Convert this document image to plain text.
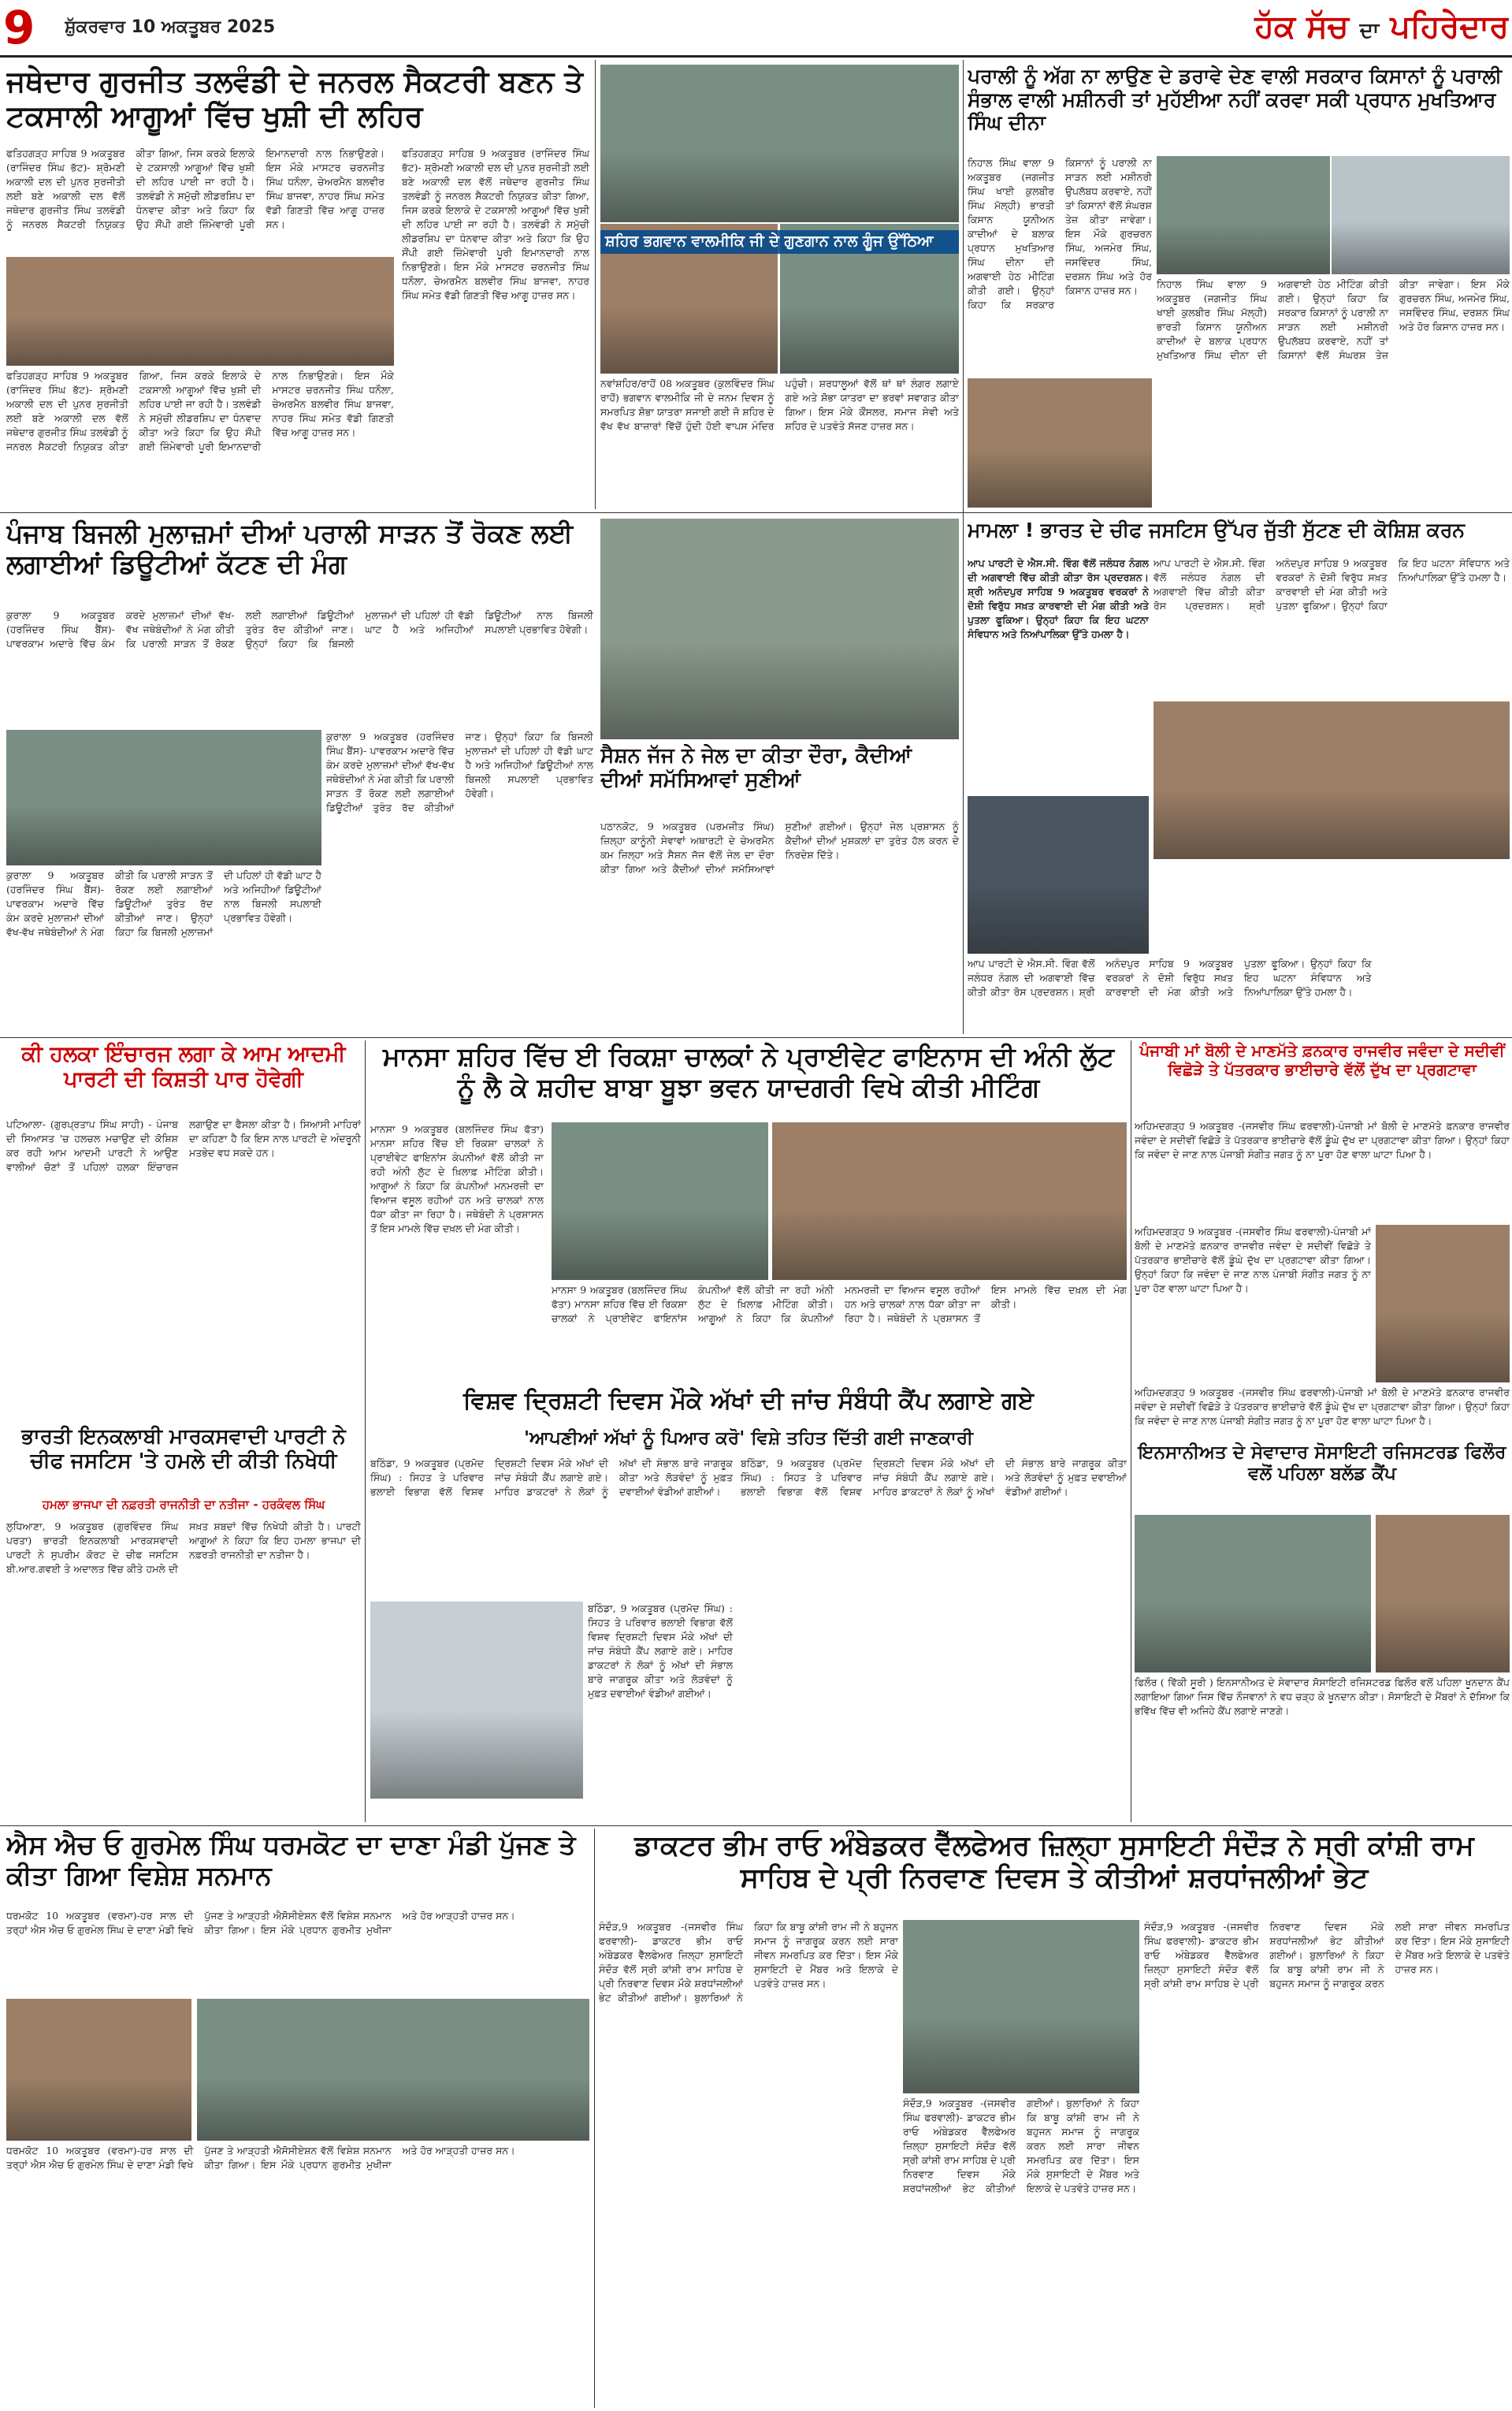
9	ਸ਼ੁੱਕਰਵਾਰ 10 ਅਕਤੂਬਰ 2025	ਹੱਕ ਸੱਚ ਦਾ ਪਹਿਰੇਦਾਰ
ਜਥੇਦਾਰ ਗੁਰਜੀਤ ਤਲਵੰਡੀ ਦੇ ਜਨਰਲ ਸੈਕਟਰੀ ਬਣਨ ਤੇ ਟਕਸਾਲੀ ਆਗੂਆਂ ਵਿੱਚ ਖੁਸ਼ੀ ਦੀ ਲਹਿਰ
ਫਤਿਹਗੜ੍ਹ ਸਾਹਿਬ 9 ਅਕਤੂਬਰ (ਰਾਜਿੰਦਰ ਸਿੰਘ ਭੱਟ)- ਸ਼੍ਰੋਮਣੀ ਅਕਾਲੀ ਦਲ ਦੀ ਪੁਨਰ ਸੁਰਜੀਤੀ ਲਈ ਬਣੇ ਅਕਾਲੀ ਦਲ ਵੱਲੋਂ ਜਥੇਦਾਰ ਗੁਰਜੀਤ ਸਿੰਘ ਤਲਵੰਡੀ ਨੂੰ ਜਨਰਲ ਸੈਕਟਰੀ ਨਿਯੁਕਤ ਕੀਤਾ ਗਿਆ, ਜਿਸ ਕਰਕੇ ਇਲਾਕੇ ਦੇ ਟਕਸਾਲੀ ਆਗੂਆਂ ਵਿੱਚ ਖੁਸ਼ੀ ਦੀ ਲਹਿਰ ਪਾਈ ਜਾ ਰਹੀ ਹੈ। ਤਲਵੰਡੀ ਨੇ ਸਮੁੱਚੀ ਲੀਡਰਸ਼ਿਪ ਦਾ ਧੰਨਵਾਦ ਕੀਤਾ ਅਤੇ ਕਿਹਾ ਕਿ ਉਹ ਸੌਂਪੀ ਗਈ ਜ਼ਿੰਮੇਵਾਰੀ ਪੂਰੀ ਇਮਾਨਦਾਰੀ ਨਾਲ ਨਿਭਾਉਣਗੇ। ਇਸ ਮੌਕੇ ਮਾਸਟਰ ਚਰਨਜੀਤ ਸਿੰਘ ਧਨੌਲਾ, ਚੇਅਰਮੈਨ ਬਲਵੀਰ ਸਿੰਘ ਬਾਜਵਾ, ਨਾਹਰ ਸਿੰਘ ਸਮੇਤ ਵੱਡੀ ਗਿਣਤੀ ਵਿੱਚ ਆਗੂ ਹਾਜ਼ਰ ਸਨ।
ਫਤਿਹਗੜ੍ਹ ਸਾਹਿਬ 9 ਅਕਤੂਬਰ (ਰਾਜਿੰਦਰ ਸਿੰਘ ਭੱਟ)- ਸ਼੍ਰੋਮਣੀ ਅਕਾਲੀ ਦਲ ਦੀ ਪੁਨਰ ਸੁਰਜੀਤੀ ਲਈ ਬਣੇ ਅਕਾਲੀ ਦਲ ਵੱਲੋਂ ਜਥੇਦਾਰ ਗੁਰਜੀਤ ਸਿੰਘ ਤਲਵੰਡੀ ਨੂੰ ਜਨਰਲ ਸੈਕਟਰੀ ਨਿਯੁਕਤ ਕੀਤਾ ਗਿਆ, ਜਿਸ ਕਰਕੇ ਇਲਾਕੇ ਦੇ ਟਕਸਾਲੀ ਆਗੂਆਂ ਵਿੱਚ ਖੁਸ਼ੀ ਦੀ ਲਹਿਰ ਪਾਈ ਜਾ ਰਹੀ ਹੈ। ਤਲਵੰਡੀ ਨੇ ਸਮੁੱਚੀ ਲੀਡਰਸ਼ਿਪ ਦਾ ਧੰਨਵਾਦ ਕੀਤਾ ਅਤੇ ਕਿਹਾ ਕਿ ਉਹ ਸੌਂਪੀ ਗਈ ਜ਼ਿੰਮੇਵਾਰੀ ਪੂਰੀ ਇਮਾਨਦਾਰੀ ਨਾਲ ਨਿਭਾਉਣਗੇ। ਇਸ ਮੌਕੇ ਮਾਸਟਰ ਚਰਨਜੀਤ ਸਿੰਘ ਧਨੌਲਾ, ਚੇਅਰਮੈਨ ਬਲਵੀਰ ਸਿੰਘ ਬਾਜਵਾ, ਨਾਹਰ ਸਿੰਘ ਸਮੇਤ ਵੱਡੀ ਗਿਣਤੀ ਵਿੱਚ ਆਗੂ ਹਾਜ਼ਰ ਸਨ।
ਫਤਿਹਗੜ੍ਹ ਸਾਹਿਬ 9 ਅਕਤੂਬਰ (ਰਾਜਿੰਦਰ ਸਿੰਘ ਭੱਟ)- ਸ਼੍ਰੋਮਣੀ ਅਕਾਲੀ ਦਲ ਦੀ ਪੁਨਰ ਸੁਰਜੀਤੀ ਲਈ ਬਣੇ ਅਕਾਲੀ ਦਲ ਵੱਲੋਂ ਜਥੇਦਾਰ ਗੁਰਜੀਤ ਸਿੰਘ ਤਲਵੰਡੀ ਨੂੰ ਜਨਰਲ ਸੈਕਟਰੀ ਨਿਯੁਕਤ ਕੀਤਾ ਗਿਆ, ਜਿਸ ਕਰਕੇ ਇਲਾਕੇ ਦੇ ਟਕਸਾਲੀ ਆਗੂਆਂ ਵਿੱਚ ਖੁਸ਼ੀ ਦੀ ਲਹਿਰ ਪਾਈ ਜਾ ਰਹੀ ਹੈ। ਤਲਵੰਡੀ ਨੇ ਸਮੁੱਚੀ ਲੀਡਰਸ਼ਿਪ ਦਾ ਧੰਨਵਾਦ ਕੀਤਾ ਅਤੇ ਕਿਹਾ ਕਿ ਉਹ ਸੌਂਪੀ ਗਈ ਜ਼ਿੰਮੇਵਾਰੀ ਪੂਰੀ ਇਮਾਨਦਾਰੀ ਨਾਲ ਨਿਭਾਉਣਗੇ। ਇਸ ਮੌਕੇ ਮਾਸਟਰ ਚਰਨਜੀਤ ਸਿੰਘ ਧਨੌਲਾ, ਚੇਅਰਮੈਨ ਬਲਵੀਰ ਸਿੰਘ ਬਾਜਵਾ, ਨਾਹਰ ਸਿੰਘ ਸਮੇਤ ਵੱਡੀ ਗਿਣਤੀ ਵਿੱਚ ਆਗੂ ਹਾਜ਼ਰ ਸਨ।
ਸ਼ਹਿਰ ਭਗਵਾਨ ਵਾਲਮੀਕਿ ਜੀ ਦੇ ਗੁਣਗਾਨ ਨਾਲ ਗੂੰਜ ਉੱਠਿਆ
ਨਵਾਂਸ਼ਹਿਰ/ਰਾਹੋਂ 08 ਅਕਤੂਬਰ (ਕੁਲਵਿੰਦਰ ਸਿੰਘ ਰਾਹੋਂ) ਭਗਵਾਨ ਵਾਲਮੀਕਿ ਜੀ ਦੇ ਜਨਮ ਦਿਵਸ ਨੂੰ ਸਮਰਪਿਤ ਸ਼ੋਭਾ ਯਾਤਰਾ ਸਜਾਈ ਗਈ ਜੋ ਸ਼ਹਿਰ ਦੇ ਵੱਖ ਵੱਖ ਬਾਜ਼ਾਰਾਂ ਵਿੱਚੋਂ ਹੁੰਦੀ ਹੋਈ ਵਾਪਸ ਮੰਦਿਰ ਪਹੁੰਚੀ। ਸ਼ਰਧਾਲੂਆਂ ਵੱਲੋਂ ਥਾਂ ਥਾਂ ਲੰਗਰ ਲਗਾਏ ਗਏ ਅਤੇ ਸ਼ੋਭਾ ਯਾਤਰਾ ਦਾ ਭਰਵਾਂ ਸਵਾਗਤ ਕੀਤਾ ਗਿਆ। ਇਸ ਮੌਕੇ ਕੌਂਸਲਰ, ਸਮਾਜ ਸੇਵੀ ਅਤੇ ਸ਼ਹਿਰ ਦੇ ਪਤਵੰਤੇ ਸੱਜਣ ਹਾਜ਼ਰ ਸਨ।
ਪਰਾਲੀ ਨੂੰ ਅੱਗ ਨਾ ਲਾਉਣ ਦੇ ਡਰਾਵੇ ਦੇਣ ਵਾਲੀ ਸਰਕਾਰ ਕਿਸਾਨਾਂ ਨੂੰ ਪਰਾਲੀ ਸੰਭਾਲ ਵਾਲੀ ਮਸ਼ੀਨਰੀ ਤਾਂ ਮੁਹੱਈਆ ਨਹੀਂ ਕਰਵਾ ਸਕੀ ਪ੍ਰਧਾਨ ਮੁਖਤਿਆਰ ਸਿੰਘ ਦੀਨਾ
ਨਿਹਾਲ ਸਿੰਘ ਵਾਲਾ 9 ਅਕਤੂਬਰ (ਜਗਜੀਤ ਸਿੰਘ ਖਾਈ ਕੁਲਬੀਰ ਸਿੰਘ ਮੱਲ੍ਹੀ) ਭਾਰਤੀ ਕਿਸਾਨ ਯੂਨੀਅਨ ਕਾਦੀਆਂ ਦੇ ਬਲਾਕ ਪ੍ਰਧਾਨ ਮੁਖਤਿਆਰ ਸਿੰਘ ਦੀਨਾ ਦੀ ਅਗਵਾਈ ਹੇਠ ਮੀਟਿੰਗ ਕੀਤੀ ਗਈ। ਉਨ੍ਹਾਂ ਕਿਹਾ ਕਿ ਸਰਕਾਰ ਕਿਸਾਨਾਂ ਨੂੰ ਪਰਾਲੀ ਨਾ ਸਾੜਨ ਲਈ ਮਸ਼ੀਨਰੀ ਉਪਲੱਬਧ ਕਰਵਾਏ, ਨਹੀਂ ਤਾਂ ਕਿਸਾਨਾਂ ਵੱਲੋਂ ਸੰਘਰਸ਼ ਤੇਜ਼ ਕੀਤਾ ਜਾਵੇਗਾ। ਇਸ ਮੌਕੇ ਗੁਰਚਰਨ ਸਿੰਘ, ਅਜਮੇਰ ਸਿੰਘ, ਜਸਵਿੰਦਰ ਸਿੰਘ, ਦਰਸ਼ਨ ਸਿੰਘ ਅਤੇ ਹੋਰ ਕਿਸਾਨ ਹਾਜ਼ਰ ਸਨ।
ਨਿਹਾਲ ਸਿੰਘ ਵਾਲਾ 9 ਅਕਤੂਬਰ (ਜਗਜੀਤ ਸਿੰਘ ਖਾਈ ਕੁਲਬੀਰ ਸਿੰਘ ਮੱਲ੍ਹੀ) ਭਾਰਤੀ ਕਿਸਾਨ ਯੂਨੀਅਨ ਕਾਦੀਆਂ ਦੇ ਬਲਾਕ ਪ੍ਰਧਾਨ ਮੁਖਤਿਆਰ ਸਿੰਘ ਦੀਨਾ ਦੀ ਅਗਵਾਈ ਹੇਠ ਮੀਟਿੰਗ ਕੀਤੀ ਗਈ। ਉਨ੍ਹਾਂ ਕਿਹਾ ਕਿ ਸਰਕਾਰ ਕਿਸਾਨਾਂ ਨੂੰ ਪਰਾਲੀ ਨਾ ਸਾੜਨ ਲਈ ਮਸ਼ੀਨਰੀ ਉਪਲੱਬਧ ਕਰਵਾਏ, ਨਹੀਂ ਤਾਂ ਕਿਸਾਨਾਂ ਵੱਲੋਂ ਸੰਘਰਸ਼ ਤੇਜ਼ ਕੀਤਾ ਜਾਵੇਗਾ। ਇਸ ਮੌਕੇ ਗੁਰਚਰਨ ਸਿੰਘ, ਅਜਮੇਰ ਸਿੰਘ, ਜਸਵਿੰਦਰ ਸਿੰਘ, ਦਰਸ਼ਨ ਸਿੰਘ ਅਤੇ ਹੋਰ ਕਿਸਾਨ ਹਾਜ਼ਰ ਸਨ।
ਪੰਜਾਬ ਬਿਜਲੀ ਮੁਲਾਜ਼ਮਾਂ ਦੀਆਂ ਪਰਾਲੀ ਸਾੜਨ ਤੋਂ ਰੋਕਣ ਲਈ ਲਗਾਈਆਂ ਡਿਊਟੀਆਂ ਕੱਟਣ ਦੀ ਮੰਗ
ਕੁਰਾਲਾ 9 ਅਕਤੂਬਰ (ਹਰਜਿੰਦਰ ਸਿੰਘ ਬੈਂਸ)- ਪਾਵਰਕਾਮ ਅਦਾਰੇ ਵਿੱਚ ਕੰਮ ਕਰਦੇ ਮੁਲਾਜ਼ਮਾਂ ਦੀਆਂ ਵੱਖ-ਵੱਖ ਜਥੇਬੰਦੀਆਂ ਨੇ ਮੰਗ ਕੀਤੀ ਕਿ ਪਰਾਲੀ ਸਾੜਨ ਤੋਂ ਰੋਕਣ ਲਈ ਲਗਾਈਆਂ ਡਿਊਟੀਆਂ ਤੁਰੰਤ ਰੱਦ ਕੀਤੀਆਂ ਜਾਣ। ਉਨ੍ਹਾਂ ਕਿਹਾ ਕਿ ਬਿਜਲੀ ਮੁਲਾਜ਼ਮਾਂ ਦੀ ਪਹਿਲਾਂ ਹੀ ਵੱਡੀ ਘਾਟ ਹੈ ਅਤੇ ਅਜਿਹੀਆਂ ਡਿਊਟੀਆਂ ਨਾਲ ਬਿਜਲੀ ਸਪਲਾਈ ਪ੍ਰਭਾਵਿਤ ਹੋਵੇਗੀ।
ਕੁਰਾਲਾ 9 ਅਕਤੂਬਰ (ਹਰਜਿੰਦਰ ਸਿੰਘ ਬੈਂਸ)- ਪਾਵਰਕਾਮ ਅਦਾਰੇ ਵਿੱਚ ਕੰਮ ਕਰਦੇ ਮੁਲਾਜ਼ਮਾਂ ਦੀਆਂ ਵੱਖ-ਵੱਖ ਜਥੇਬੰਦੀਆਂ ਨੇ ਮੰਗ ਕੀਤੀ ਕਿ ਪਰਾਲੀ ਸਾੜਨ ਤੋਂ ਰੋਕਣ ਲਈ ਲਗਾਈਆਂ ਡਿਊਟੀਆਂ ਤੁਰੰਤ ਰੱਦ ਕੀਤੀਆਂ ਜਾਣ। ਉਨ੍ਹਾਂ ਕਿਹਾ ਕਿ ਬਿਜਲੀ ਮੁਲਾਜ਼ਮਾਂ ਦੀ ਪਹਿਲਾਂ ਹੀ ਵੱਡੀ ਘਾਟ ਹੈ ਅਤੇ ਅਜਿਹੀਆਂ ਡਿਊਟੀਆਂ ਨਾਲ ਬਿਜਲੀ ਸਪਲਾਈ ਪ੍ਰਭਾਵਿਤ ਹੋਵੇਗੀ।
ਕੁਰਾਲਾ 9 ਅਕਤੂਬਰ (ਹਰਜਿੰਦਰ ਸਿੰਘ ਬੈਂਸ)- ਪਾਵਰਕਾਮ ਅਦਾਰੇ ਵਿੱਚ ਕੰਮ ਕਰਦੇ ਮੁਲਾਜ਼ਮਾਂ ਦੀਆਂ ਵੱਖ-ਵੱਖ ਜਥੇਬੰਦੀਆਂ ਨੇ ਮੰਗ ਕੀਤੀ ਕਿ ਪਰਾਲੀ ਸਾੜਨ ਤੋਂ ਰੋਕਣ ਲਈ ਲਗਾਈਆਂ ਡਿਊਟੀਆਂ ਤੁਰੰਤ ਰੱਦ ਕੀਤੀਆਂ ਜਾਣ। ਉਨ੍ਹਾਂ ਕਿਹਾ ਕਿ ਬਿਜਲੀ ਮੁਲਾਜ਼ਮਾਂ ਦੀ ਪਹਿਲਾਂ ਹੀ ਵੱਡੀ ਘਾਟ ਹੈ ਅਤੇ ਅਜਿਹੀਆਂ ਡਿਊਟੀਆਂ ਨਾਲ ਬਿਜਲੀ ਸਪਲਾਈ ਪ੍ਰਭਾਵਿਤ ਹੋਵੇਗੀ।
ਸੈਸ਼ਨ ਜੱਜ ਨੇ ਜੇਲ ਦਾ ਕੀਤਾ ਦੌਰਾ, ਕੈਦੀਆਂ ਦੀਆਂ ਸਮੱਸਿਆਵਾਂ ਸੁਣੀਆਂ
ਪਠਾਨਕੋਟ, 9 ਅਕਤੂਬਰ (ਪਰਮਜੀਤ ਸਿੰਘ) ਜ਼ਿਲ੍ਹਾ ਕਾਨੂੰਨੀ ਸੇਵਾਵਾਂ ਅਥਾਰਟੀ ਦੇ ਚੇਅਰਮੈਨ ਕਮ ਜ਼ਿਲ੍ਹਾ ਅਤੇ ਸੈਸ਼ਨ ਜੱਜ ਵੱਲੋਂ ਜੇਲ ਦਾ ਦੌਰਾ ਕੀਤਾ ਗਿਆ ਅਤੇ ਕੈਦੀਆਂ ਦੀਆਂ ਸਮੱਸਿਆਵਾਂ ਸੁਣੀਆਂ ਗਈਆਂ। ਉਨ੍ਹਾਂ ਜੇਲ ਪ੍ਰਸ਼ਾਸਨ ਨੂੰ ਕੈਦੀਆਂ ਦੀਆਂ ਮੁਸ਼ਕਲਾਂ ਦਾ ਤੁਰੰਤ ਹੱਲ ਕਰਨ ਦੇ ਨਿਰਦੇਸ਼ ਦਿੱਤੇ।
ਮਾਮਲਾ ! ਭਾਰਤ ਦੇ ਚੀਫ ਜਸਟਿਸ ਉੱਪਰ ਜੁੱਤੀ ਸੁੱਟਣ ਦੀ ਕੋਸ਼ਿਸ਼ ਕਰਨ
ਆਪ ਪਾਰਟੀ ਦੇ ਐਸ.ਸੀ. ਵਿੰਗ ਵੱਲੋਂ ਜਲੰਧਰ ਨੰਗਲ ਦੀ ਅਗਵਾਈ ਵਿੱਚ ਕੀਤੀ ਕੀਤਾ ਰੋਸ ਪ੍ਰਦਰਸ਼ਨ। ਸ਼੍ਰੀ ਅਨੰਦਪੁਰ ਸਾਹਿਬ 9 ਅਕਤੂਬਰ ਵਰਕਰਾਂ ਨੇ ਦੋਸ਼ੀ ਵਿਰੁੱਧ ਸਖ਼ਤ ਕਾਰਵਾਈ ਦੀ ਮੰਗ ਕੀਤੀ ਅਤੇ ਪੁਤਲਾ ਫੂਕਿਆ। ਉਨ੍ਹਾਂ ਕਿਹਾ ਕਿ ਇਹ ਘਟਨਾ ਸੰਵਿਧਾਨ ਅਤੇ ਨਿਆਂਪਾਲਿਕਾ ਉੱਤੇ ਹਮਲਾ ਹੈ।
ਆਪ ਪਾਰਟੀ ਦੇ ਐਸ.ਸੀ. ਵਿੰਗ ਵੱਲੋਂ ਜਲੰਧਰ ਨੰਗਲ ਦੀ ਅਗਵਾਈ ਵਿੱਚ ਕੀਤੀ ਕੀਤਾ ਰੋਸ ਪ੍ਰਦਰਸ਼ਨ। ਸ਼੍ਰੀ ਅਨੰਦਪੁਰ ਸਾਹਿਬ 9 ਅਕਤੂਬਰ ਵਰਕਰਾਂ ਨੇ ਦੋਸ਼ੀ ਵਿਰੁੱਧ ਸਖ਼ਤ ਕਾਰਵਾਈ ਦੀ ਮੰਗ ਕੀਤੀ ਅਤੇ ਪੁਤਲਾ ਫੂਕਿਆ। ਉਨ੍ਹਾਂ ਕਿਹਾ ਕਿ ਇਹ ਘਟਨਾ ਸੰਵਿਧਾਨ ਅਤੇ ਨਿਆਂਪਾਲਿਕਾ ਉੱਤੇ ਹਮਲਾ ਹੈ।
ਆਪ ਪਾਰਟੀ ਦੇ ਐਸ.ਸੀ. ਵਿੰਗ ਵੱਲੋਂ ਜਲੰਧਰ ਨੰਗਲ ਦੀ ਅਗਵਾਈ ਵਿੱਚ ਕੀਤੀ ਕੀਤਾ ਰੋਸ ਪ੍ਰਦਰਸ਼ਨ। ਸ਼੍ਰੀ ਅਨੰਦਪੁਰ ਸਾਹਿਬ 9 ਅਕਤੂਬਰ ਵਰਕਰਾਂ ਨੇ ਦੋਸ਼ੀ ਵਿਰੁੱਧ ਸਖ਼ਤ ਕਾਰਵਾਈ ਦੀ ਮੰਗ ਕੀਤੀ ਅਤੇ ਪੁਤਲਾ ਫੂਕਿਆ। ਉਨ੍ਹਾਂ ਕਿਹਾ ਕਿ ਇਹ ਘਟਨਾ ਸੰਵਿਧਾਨ ਅਤੇ ਨਿਆਂਪਾਲਿਕਾ ਉੱਤੇ ਹਮਲਾ ਹੈ।
ਕੀ ਹਲਕਾ ਇੰਚਾਰਜ ਲਗਾ ਕੇ ਆਮ ਆਦਮੀ ਪਾਰਟੀ ਦੀ ਕਿਸ਼ਤੀ ਪਾਰ ਹੋਵੇਗੀ
ਪਟਿਆਲਾ- (ਗੁਰਪ੍ਰਤਾਪ ਸਿੰਘ ਸਾਹੀ) - ਪੰਜਾਬ ਦੀ ਸਿਆਸਤ 'ਚ ਹਲਚਲ ਮਚਾਉਣ ਦੀ ਕੋਸ਼ਿਸ਼ ਕਰ ਰਹੀ ਆਮ ਆਦਮੀ ਪਾਰਟੀ ਨੇ ਆਉਣ ਵਾਲੀਆਂ ਚੋਣਾਂ ਤੋਂ ਪਹਿਲਾਂ ਹਲਕਾ ਇੰਚਾਰਜ ਲਗਾਉਣ ਦਾ ਫੈਸਲਾ ਕੀਤਾ ਹੈ। ਸਿਆਸੀ ਮਾਹਿਰਾਂ ਦਾ ਕਹਿਣਾ ਹੈ ਕਿ ਇਸ ਨਾਲ ਪਾਰਟੀ ਦੇ ਅੰਦਰੂਨੀ ਮਤਭੇਦ ਵਧ ਸਕਦੇ ਹਨ।
ਭਾਰਤੀ ਇਨਕਲਾਬੀ ਮਾਰਕਸਵਾਦੀ ਪਾਰਟੀ ਨੇ ਚੀਫ ਜਸਟਿਸ 'ਤੇ ਹਮਲੇ ਦੀ ਕੀਤੀ ਨਿਖੇਧੀ
ਹਮਲਾ ਭਾਜਪਾ ਦੀ ਨਫ਼ਰਤੀ ਰਾਜਨੀਤੀ ਦਾ ਨਤੀਜਾ - ਹਰਕੰਵਲ ਸਿੰਘ
ਲੁਧਿਆਣਾ, 9 ਅਕਤੂਬਰ (ਗੁਰਵਿੰਦਰ ਸਿੰਘ ਪਰਤਾ) ਭਾਰਤੀ ਇਨਕਲਾਬੀ ਮਾਰਕਸਵਾਦੀ ਪਾਰਟੀ ਨੇ ਸੁਪਰੀਮ ਕੋਰਟ ਦੇ ਚੀਫ ਜਸਟਿਸ ਬੀ.ਆਰ.ਗਵਈ ਤੇ ਅਦਾਲਤ ਵਿੱਚ ਕੀਤੇ ਹਮਲੇ ਦੀ ਸਖ਼ਤ ਸ਼ਬਦਾਂ ਵਿੱਚ ਨਿਖੇਧੀ ਕੀਤੀ ਹੈ। ਪਾਰਟੀ ਆਗੂਆਂ ਨੇ ਕਿਹਾ ਕਿ ਇਹ ਹਮਲਾ ਭਾਜਪਾ ਦੀ ਨਫ਼ਰਤੀ ਰਾਜਨੀਤੀ ਦਾ ਨਤੀਜਾ ਹੈ।
ਮਾਨਸਾ ਸ਼ਹਿਰ ਵਿੱਚ ਈ ਰਿਕਸ਼ਾ ਚਾਲਕਾਂ ਨੇ ਪ੍ਰਾਈਵੇਟ ਫਾਇਨਾਸ ਦੀ ਅੰਨੀ ਲੁੱਟ ਨੂੰ ਲੈ ਕੇ ਸ਼ਹੀਦ ਬਾਬਾ ਬੂਝਾ ਭਵਨ ਯਾਦਗਰੀ ਵਿਖੇ ਕੀਤੀ ਮੀਟਿੰਗ
ਮਾਨਸਾ 9 ਅਕਤੂਬਰ (ਬਲਜਿੰਦਰ ਸਿੰਘ ਫੱਤਾ) ਮਾਨਸਾ ਸ਼ਹਿਰ ਵਿੱਚ ਈ ਰਿਕਸ਼ਾ ਚਾਲਕਾਂ ਨੇ ਪ੍ਰਾਈਵੇਟ ਫਾਇਨਾਂਸ ਕੰਪਨੀਆਂ ਵੱਲੋਂ ਕੀਤੀ ਜਾ ਰਹੀ ਅੰਨੀ ਲੁੱਟ ਦੇ ਖ਼ਿਲਾਫ਼ ਮੀਟਿੰਗ ਕੀਤੀ। ਆਗੂਆਂ ਨੇ ਕਿਹਾ ਕਿ ਕੰਪਨੀਆਂ ਮਨਮਰਜ਼ੀ ਦਾ ਵਿਆਜ ਵਸੂਲ ਰਹੀਆਂ ਹਨ ਅਤੇ ਚਾਲਕਾਂ ਨਾਲ ਧੱਕਾ ਕੀਤਾ ਜਾ ਰਿਹਾ ਹੈ। ਜਥੇਬੰਦੀ ਨੇ ਪ੍ਰਸ਼ਾਸਨ ਤੋਂ ਇਸ ਮਾਮਲੇ ਵਿੱਚ ਦਖ਼ਲ ਦੀ ਮੰਗ ਕੀਤੀ।
ਮਾਨਸਾ 9 ਅਕਤੂਬਰ (ਬਲਜਿੰਦਰ ਸਿੰਘ ਫੱਤਾ) ਮਾਨਸਾ ਸ਼ਹਿਰ ਵਿੱਚ ਈ ਰਿਕਸ਼ਾ ਚਾਲਕਾਂ ਨੇ ਪ੍ਰਾਈਵੇਟ ਫਾਇਨਾਂਸ ਕੰਪਨੀਆਂ ਵੱਲੋਂ ਕੀਤੀ ਜਾ ਰਹੀ ਅੰਨੀ ਲੁੱਟ ਦੇ ਖ਼ਿਲਾਫ਼ ਮੀਟਿੰਗ ਕੀਤੀ। ਆਗੂਆਂ ਨੇ ਕਿਹਾ ਕਿ ਕੰਪਨੀਆਂ ਮਨਮਰਜ਼ੀ ਦਾ ਵਿਆਜ ਵਸੂਲ ਰਹੀਆਂ ਹਨ ਅਤੇ ਚਾਲਕਾਂ ਨਾਲ ਧੱਕਾ ਕੀਤਾ ਜਾ ਰਿਹਾ ਹੈ। ਜਥੇਬੰਦੀ ਨੇ ਪ੍ਰਸ਼ਾਸਨ ਤੋਂ ਇਸ ਮਾਮਲੇ ਵਿੱਚ ਦਖ਼ਲ ਦੀ ਮੰਗ ਕੀਤੀ।
ਪੰਜਾਬੀ ਮਾਂ ਬੋਲੀ ਦੇ ਮਾਣਮੱਤੇ ਫ਼ਨਕਾਰ ਰਾਜਵੀਰ ਜਵੰਦਾ ਦੇ ਸਦੀਵੀਂ ਵਿਛੋੜੇ ਤੇ ਪੱਤਰਕਾਰ ਭਾਈਚਾਰੇ ਵੱਲੋਂ ਦੁੱਖ ਦਾ ਪ੍ਰਗਟਾਵਾ
ਅਹਿਮਦਗੜ੍ਹ 9 ਅਕਤੂਬਰ -(ਜਸਵੀਰ ਸਿੰਘ ਫਰਵਾਲੀ)-ਪੰਜਾਬੀ ਮਾਂ ਬੋਲੀ ਦੇ ਮਾਣਮੱਤੇ ਫ਼ਨਕਾਰ ਰਾਜਵੀਰ ਜਵੰਦਾ ਦੇ ਸਦੀਵੀਂ ਵਿਛੋੜੇ ਤੇ ਪੱਤਰਕਾਰ ਭਾਈਚਾਰੇ ਵੱਲੋਂ ਡੂੰਘੇ ਦੁੱਖ ਦਾ ਪ੍ਰਗਟਾਵਾ ਕੀਤਾ ਗਿਆ। ਉਨ੍ਹਾਂ ਕਿਹਾ ਕਿ ਜਵੰਦਾ ਦੇ ਜਾਣ ਨਾਲ ਪੰਜਾਬੀ ਸੰਗੀਤ ਜਗਤ ਨੂੰ ਨਾ ਪੂਰਾ ਹੋਣ ਵਾਲਾ ਘਾਟਾ ਪਿਆ ਹੈ।
ਅਹਿਮਦਗੜ੍ਹ 9 ਅਕਤੂਬਰ -(ਜਸਵੀਰ ਸਿੰਘ ਫਰਵਾਲੀ)-ਪੰਜਾਬੀ ਮਾਂ ਬੋਲੀ ਦੇ ਮਾਣਮੱਤੇ ਫ਼ਨਕਾਰ ਰਾਜਵੀਰ ਜਵੰਦਾ ਦੇ ਸਦੀਵੀਂ ਵਿਛੋੜੇ ਤੇ ਪੱਤਰਕਾਰ ਭਾਈਚਾਰੇ ਵੱਲੋਂ ਡੂੰਘੇ ਦੁੱਖ ਦਾ ਪ੍ਰਗਟਾਵਾ ਕੀਤਾ ਗਿਆ। ਉਨ੍ਹਾਂ ਕਿਹਾ ਕਿ ਜਵੰਦਾ ਦੇ ਜਾਣ ਨਾਲ ਪੰਜਾਬੀ ਸੰਗੀਤ ਜਗਤ ਨੂੰ ਨਾ ਪੂਰਾ ਹੋਣ ਵਾਲਾ ਘਾਟਾ ਪਿਆ ਹੈ।
ਅਹਿਮਦਗੜ੍ਹ 9 ਅਕਤੂਬਰ -(ਜਸਵੀਰ ਸਿੰਘ ਫਰਵਾਲੀ)-ਪੰਜਾਬੀ ਮਾਂ ਬੋਲੀ ਦੇ ਮਾਣਮੱਤੇ ਫ਼ਨਕਾਰ ਰਾਜਵੀਰ ਜਵੰਦਾ ਦੇ ਸਦੀਵੀਂ ਵਿਛੋੜੇ ਤੇ ਪੱਤਰਕਾਰ ਭਾਈਚਾਰੇ ਵੱਲੋਂ ਡੂੰਘੇ ਦੁੱਖ ਦਾ ਪ੍ਰਗਟਾਵਾ ਕੀਤਾ ਗਿਆ। ਉਨ੍ਹਾਂ ਕਿਹਾ ਕਿ ਜਵੰਦਾ ਦੇ ਜਾਣ ਨਾਲ ਪੰਜਾਬੀ ਸੰਗੀਤ ਜਗਤ ਨੂੰ ਨਾ ਪੂਰਾ ਹੋਣ ਵਾਲਾ ਘਾਟਾ ਪਿਆ ਹੈ।
ਵਿਸ਼ਵ ਦ੍ਰਿਸ਼ਟੀ ਦਿਵਸ ਮੌਕੇ ਅੱਖਾਂ ਦੀ ਜਾਂਚ ਸੰਬੰਧੀ ਕੈਂਪ ਲਗਾਏ ਗਏ
'ਆਪਣੀਆਂ ਅੱਖਾਂ ਨੂੰ ਪਿਆਰ ਕਰੋ' ਵਿਸ਼ੇ ਤਹਿਤ ਦਿੱਤੀ ਗਈ ਜਾਣਕਾਰੀ
ਬਠਿੰਡਾ, 9 ਅਕਤੂਬਰ (ਪ੍ਰਮੋਦ ਸਿੰਘ) : ਸਿਹਤ ਤੇ ਪਰਿਵਾਰ ਭਲਾਈ ਵਿਭਾਗ ਵੱਲੋਂ ਵਿਸ਼ਵ ਦ੍ਰਿਸ਼ਟੀ ਦਿਵਸ ਮੌਕੇ ਅੱਖਾਂ ਦੀ ਜਾਂਚ ਸੰਬੰਧੀ ਕੈਂਪ ਲਗਾਏ ਗਏ। ਮਾਹਿਰ ਡਾਕਟਰਾਂ ਨੇ ਲੋਕਾਂ ਨੂੰ ਅੱਖਾਂ ਦੀ ਸੰਭਾਲ ਬਾਰੇ ਜਾਗਰੂਕ ਕੀਤਾ ਅਤੇ ਲੋੜਵੰਦਾਂ ਨੂੰ ਮੁਫ਼ਤ ਦਵਾਈਆਂ ਵੰਡੀਆਂ ਗਈਆਂ।
ਬਠਿੰਡਾ, 9 ਅਕਤੂਬਰ (ਪ੍ਰਮੋਦ ਸਿੰਘ) : ਸਿਹਤ ਤੇ ਪਰਿਵਾਰ ਭਲਾਈ ਵਿਭਾਗ ਵੱਲੋਂ ਵਿਸ਼ਵ ਦ੍ਰਿਸ਼ਟੀ ਦਿਵਸ ਮੌਕੇ ਅੱਖਾਂ ਦੀ ਜਾਂਚ ਸੰਬੰਧੀ ਕੈਂਪ ਲਗਾਏ ਗਏ। ਮਾਹਿਰ ਡਾਕਟਰਾਂ ਨੇ ਲੋਕਾਂ ਨੂੰ ਅੱਖਾਂ ਦੀ ਸੰਭਾਲ ਬਾਰੇ ਜਾਗਰੂਕ ਕੀਤਾ ਅਤੇ ਲੋੜਵੰਦਾਂ ਨੂੰ ਮੁਫ਼ਤ ਦਵਾਈਆਂ ਵੰਡੀਆਂ ਗਈਆਂ।
ਬਠਿੰਡਾ, 9 ਅਕਤੂਬਰ (ਪ੍ਰਮੋਦ ਸਿੰਘ) : ਸਿਹਤ ਤੇ ਪਰਿਵਾਰ ਭਲਾਈ ਵਿਭਾਗ ਵੱਲੋਂ ਵਿਸ਼ਵ ਦ੍ਰਿਸ਼ਟੀ ਦਿਵਸ ਮੌਕੇ ਅੱਖਾਂ ਦੀ ਜਾਂਚ ਸੰਬੰਧੀ ਕੈਂਪ ਲਗਾਏ ਗਏ। ਮਾਹਿਰ ਡਾਕਟਰਾਂ ਨੇ ਲੋਕਾਂ ਨੂੰ ਅੱਖਾਂ ਦੀ ਸੰਭਾਲ ਬਾਰੇ ਜਾਗਰੂਕ ਕੀਤਾ ਅਤੇ ਲੋੜਵੰਦਾਂ ਨੂੰ ਮੁਫ਼ਤ ਦਵਾਈਆਂ ਵੰਡੀਆਂ ਗਈਆਂ।
ਇਨਸਾਨੀਅਤ ਦੇ ਸੇਵਾਦਾਰ ਸੋਸਾਇਟੀ ਰਜਿਸਟਰਡ ਫਿਲੌਰ ਵਲੋਂ ਪਹਿਲਾ ਬਲੱਡ ਕੈਂਪ
ਫਿਲੌਰ ( ਵਿੱਕੀ ਸੂਰੀ ) ਇਨਸਾਨੀਅਤ ਦੇ ਸੇਵਾਦਾਰ ਸੋਸਾਇਟੀ ਰਜਿਸਟਰਡ ਫਿਲੌਰ ਵਲੋਂ ਪਹਿਲਾ ਖੂਨਦਾਨ ਕੈਂਪ ਲਗਾਇਆ ਗਿਆ ਜਿਸ ਵਿੱਚ ਨੌਜਵਾਨਾਂ ਨੇ ਵਧ ਚੜ੍ਹ ਕੇ ਖੂਨਦਾਨ ਕੀਤਾ। ਸੋਸਾਇਟੀ ਦੇ ਮੈਂਬਰਾਂ ਨੇ ਦੱਸਿਆ ਕਿ ਭਵਿੱਖ ਵਿੱਚ ਵੀ ਅਜਿਹੇ ਕੈਂਪ ਲਗਾਏ ਜਾਣਗੇ।
ਐਸ ਐਚ ਓ ਗੁਰਮੇਲ ਸਿੰਘ ਧਰਮਕੋਟ ਦਾ ਦਾਣਾ ਮੰਡੀ ਪੁੱਜਣ ਤੇ ਕੀਤਾ ਗਿਆ ਵਿਸ਼ੇਸ਼ ਸਨਮਾਨ
ਧਰਮਕੋਟ 10 ਅਕਤੂਬਰ (ਵਰਮਾ)-ਹਰ ਸਾਲ ਦੀ ਤਰ੍ਹਾਂ ਐਸ ਐਚ ਓ ਗੁਰਮੇਲ ਸਿੰਘ ਦੇ ਦਾਣਾ ਮੰਡੀ ਵਿਖੇ ਪੁੱਜਣ ਤੇ ਆੜ੍ਹਤੀ ਐਸੋਸੀਏਸ਼ਨ ਵੱਲੋਂ ਵਿਸ਼ੇਸ਼ ਸਨਮਾਨ ਕੀਤਾ ਗਿਆ। ਇਸ ਮੌਕੇ ਪ੍ਰਧਾਨ ਗੁਰਮੀਤ ਮੁਖੀਜਾ ਅਤੇ ਹੋਰ ਆੜ੍ਹਤੀ ਹਾਜ਼ਰ ਸਨ।
ਧਰਮਕੋਟ 10 ਅਕਤੂਬਰ (ਵਰਮਾ)-ਹਰ ਸਾਲ ਦੀ ਤਰ੍ਹਾਂ ਐਸ ਐਚ ਓ ਗੁਰਮੇਲ ਸਿੰਘ ਦੇ ਦਾਣਾ ਮੰਡੀ ਵਿਖੇ ਪੁੱਜਣ ਤੇ ਆੜ੍ਹਤੀ ਐਸੋਸੀਏਸ਼ਨ ਵੱਲੋਂ ਵਿਸ਼ੇਸ਼ ਸਨਮਾਨ ਕੀਤਾ ਗਿਆ। ਇਸ ਮੌਕੇ ਪ੍ਰਧਾਨ ਗੁਰਮੀਤ ਮੁਖੀਜਾ ਅਤੇ ਹੋਰ ਆੜ੍ਹਤੀ ਹਾਜ਼ਰ ਸਨ।
ਡਾਕਟਰ ਭੀਮ ਰਾਓ ਅੰਬੇਡਕਰ ਵੈੱਲਫੇਅਰ ਜ਼ਿਲ੍ਹਾ ਸੁਸਾਇਟੀ ਸੰਦੌੜ ਨੇ ਸ੍ਰੀ ਕਾਂਸ਼ੀ ਰਾਮ ਸਾਹਿਬ ਦੇ ਪ੍ਰੀ ਨਿਰਵਾਣ ਦਿਵਸ ਤੇ ਕੀਤੀਆਂ ਸ਼ਰਧਾਂਜਲੀਆਂ ਭੇਟ
ਸੰਦੌੜ,9 ਅਕਤੂਬਰ -(ਜਸਵੀਰ ਸਿੰਘ ਫਰਵਾਲੀ)- ਡਾਕਟਰ ਭੀਮ ਰਾਓ ਅੰਬੇਡਕਰ ਵੈੱਲਫੇਅਰ ਜ਼ਿਲ੍ਹਾ ਸੁਸਾਇਟੀ ਸੰਦੌੜ ਵੱਲੋਂ ਸ੍ਰੀ ਕਾਂਸ਼ੀ ਰਾਮ ਸਾਹਿਬ ਦੇ ਪ੍ਰੀ ਨਿਰਵਾਣ ਦਿਵਸ ਮੌਕੇ ਸ਼ਰਧਾਂਜਲੀਆਂ ਭੇਟ ਕੀਤੀਆਂ ਗਈਆਂ। ਬੁਲਾਰਿਆਂ ਨੇ ਕਿਹਾ ਕਿ ਬਾਬੂ ਕਾਂਸ਼ੀ ਰਾਮ ਜੀ ਨੇ ਬਹੁਜਨ ਸਮਾਜ ਨੂੰ ਜਾਗਰੂਕ ਕਰਨ ਲਈ ਸਾਰਾ ਜੀਵਨ ਸਮਰਪਿਤ ਕਰ ਦਿੱਤਾ। ਇਸ ਮੌਕੇ ਸੁਸਾਇਟੀ ਦੇ ਮੈਂਬਰ ਅਤੇ ਇਲਾਕੇ ਦੇ ਪਤਵੰਤੇ ਹਾਜ਼ਰ ਸਨ।
ਸੰਦੌੜ,9 ਅਕਤੂਬਰ -(ਜਸਵੀਰ ਸਿੰਘ ਫਰਵਾਲੀ)- ਡਾਕਟਰ ਭੀਮ ਰਾਓ ਅੰਬੇਡਕਰ ਵੈੱਲਫੇਅਰ ਜ਼ਿਲ੍ਹਾ ਸੁਸਾਇਟੀ ਸੰਦੌੜ ਵੱਲੋਂ ਸ੍ਰੀ ਕਾਂਸ਼ੀ ਰਾਮ ਸਾਹਿਬ ਦੇ ਪ੍ਰੀ ਨਿਰਵਾਣ ਦਿਵਸ ਮੌਕੇ ਸ਼ਰਧਾਂਜਲੀਆਂ ਭੇਟ ਕੀਤੀਆਂ ਗਈਆਂ। ਬੁਲਾਰਿਆਂ ਨੇ ਕਿਹਾ ਕਿ ਬਾਬੂ ਕਾਂਸ਼ੀ ਰਾਮ ਜੀ ਨੇ ਬਹੁਜਨ ਸਮਾਜ ਨੂੰ ਜਾਗਰੂਕ ਕਰਨ ਲਈ ਸਾਰਾ ਜੀਵਨ ਸਮਰਪਿਤ ਕਰ ਦਿੱਤਾ। ਇਸ ਮੌਕੇ ਸੁਸਾਇਟੀ ਦੇ ਮੈਂਬਰ ਅਤੇ ਇਲਾਕੇ ਦੇ ਪਤਵੰਤੇ ਹਾਜ਼ਰ ਸਨ।
ਸੰਦੌੜ,9 ਅਕਤੂਬਰ -(ਜਸਵੀਰ ਸਿੰਘ ਫਰਵਾਲੀ)- ਡਾਕਟਰ ਭੀਮ ਰਾਓ ਅੰਬੇਡਕਰ ਵੈੱਲਫੇਅਰ ਜ਼ਿਲ੍ਹਾ ਸੁਸਾਇਟੀ ਸੰਦੌੜ ਵੱਲੋਂ ਸ੍ਰੀ ਕਾਂਸ਼ੀ ਰਾਮ ਸਾਹਿਬ ਦੇ ਪ੍ਰੀ ਨਿਰਵਾਣ ਦਿਵਸ ਮੌਕੇ ਸ਼ਰਧਾਂਜਲੀਆਂ ਭੇਟ ਕੀਤੀਆਂ ਗਈਆਂ। ਬੁਲਾਰਿਆਂ ਨੇ ਕਿਹਾ ਕਿ ਬਾਬੂ ਕਾਂਸ਼ੀ ਰਾਮ ਜੀ ਨੇ ਬਹੁਜਨ ਸਮਾਜ ਨੂੰ ਜਾਗਰੂਕ ਕਰਨ ਲਈ ਸਾਰਾ ਜੀਵਨ ਸਮਰਪਿਤ ਕਰ ਦਿੱਤਾ। ਇਸ ਮੌਕੇ ਸੁਸਾਇਟੀ ਦੇ ਮੈਂਬਰ ਅਤੇ ਇਲਾਕੇ ਦੇ ਪਤਵੰਤੇ ਹਾਜ਼ਰ ਸਨ।
